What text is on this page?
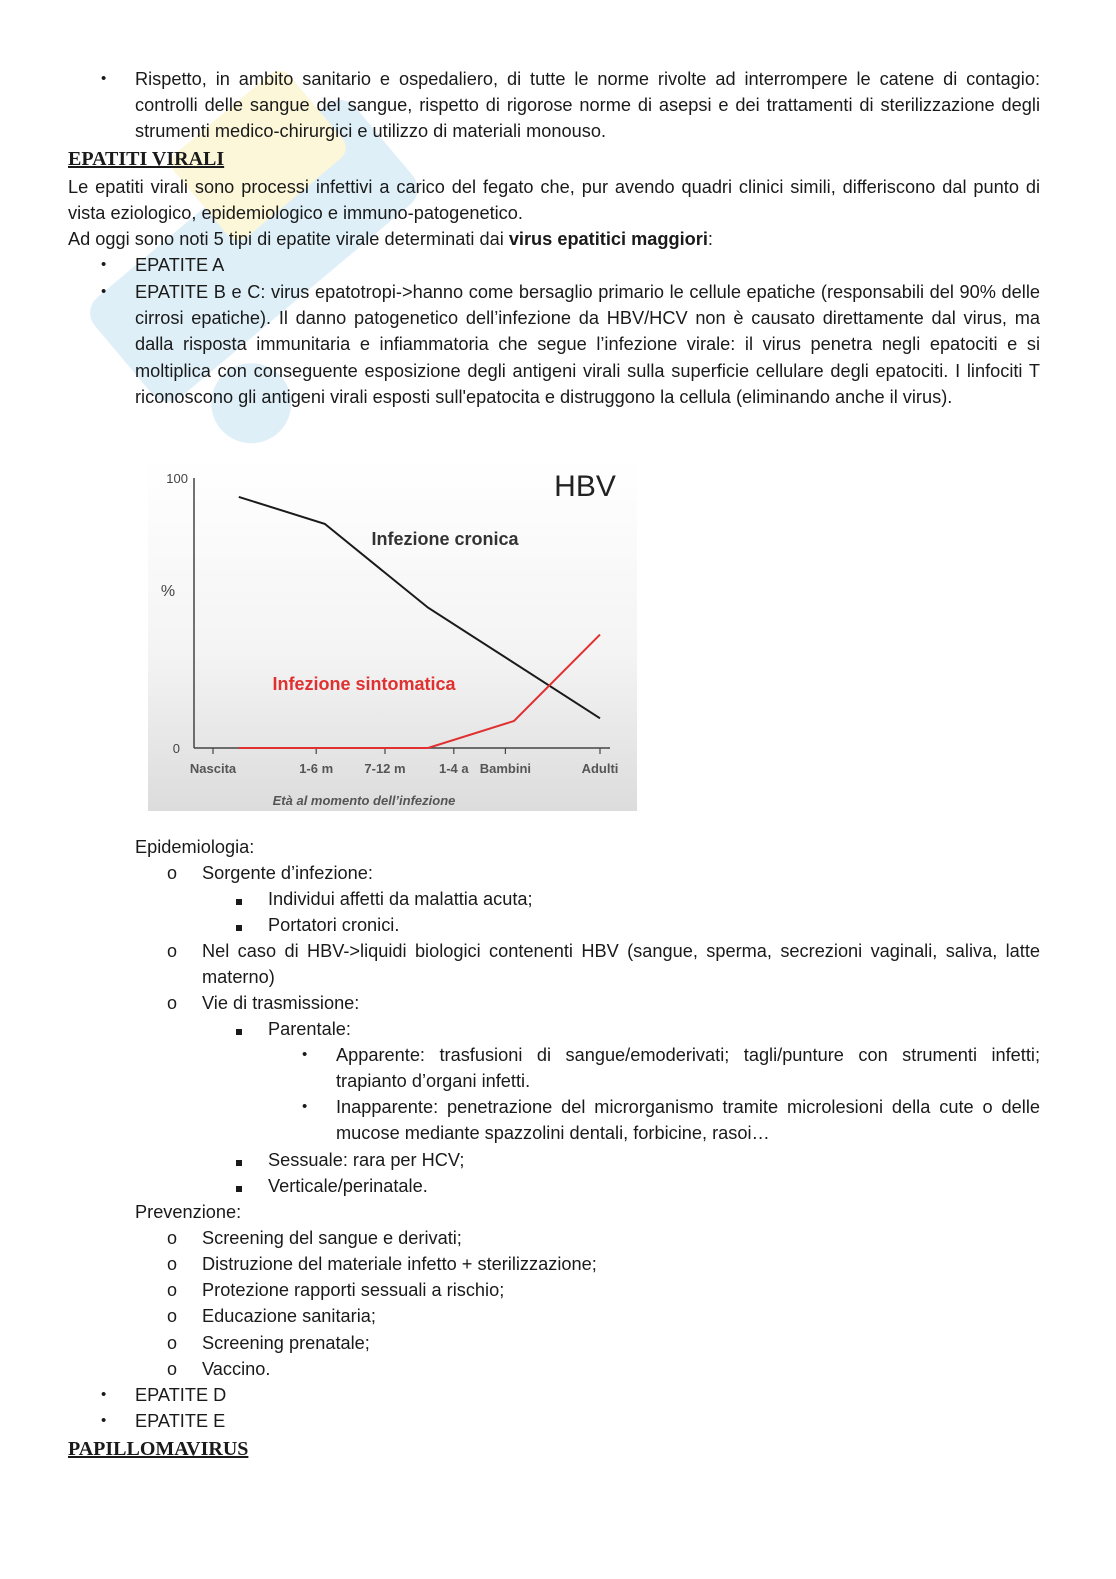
• Rispetto, in ambito sanitario e ospedaliero, di tutte le norme rivolte ad interrompere le catene di contagio: controlli delle sangue del sangue, rispetto di rigorose norme di asepsi e dei trattamenti di sterilizzazione degli strumenti medico-chirurgici e utilizzo di materiali monouso.
EPATITI VIRALI
Le epatiti virali sono processi infettivi a carico del fegato che, pur avendo quadri clinici simili, differiscono dal punto di vista eziologico, epidemiologico e immuno-patogenetico.
Ad oggi sono noti 5 tipi di epatite virale determinati dai virus epatitici maggiori:
• EPATITE A
• EPATITE B e C: virus epatotropi->hanno come bersaglio primario le cellule epatiche (responsabili del 90% delle cirrosi epatiche). Il danno patogenetico dell’infezione da HBV/HCV non è causato direttamente dal virus, ma dalla risposta immunitaria e infiammatoria che segue l’infezione virale: il virus penetra negli epatociti e si moltiplica con conseguente esposizione degli antigeni virali sulla superficie cellulare degli epatociti. I linfociti T riconoscono gli antigeni virali esposti sull'epatocita e distruggono la cellula (eliminando anche il virus).
100
0
%
HBV
Età al momento dell’infezione
Infezione cronica
Infezione sintomatica
Nascita	1-6 m 7-12 m	1-4 a Bambini	Adulti
Epidemiologia:
o Sorgente d’infezione:
Individui affetti da malattia acuta;
Portatori cronici.
o Nel caso di HBV->liquidi biologici contenenti HBV (sangue, sperma, secrezioni vaginali, saliva, latte materno)
o Vie di trasmissione:
Parentale:
• Apparente: trasfusioni di sangue/emoderivati; tagli/punture con strumenti infetti; trapianto d’organi infetti.
• Inapparente: penetrazione del microrganismo tramite microlesioni della cute o delle mucose mediante spazzolini dentali, forbicine, rasoi…
Sessuale: rara per HCV;
Verticale/perinatale.
Prevenzione:
o Screening del sangue e derivati;
o Distruzione del materiale infetto + sterilizzazione;
o Protezione rapporti sessuali a rischio;
o Educazione sanitaria;
o Screening prenatale;
o Vaccino.
• EPATITE D
• EPATITE E
PAPILLOMAVIRUS
